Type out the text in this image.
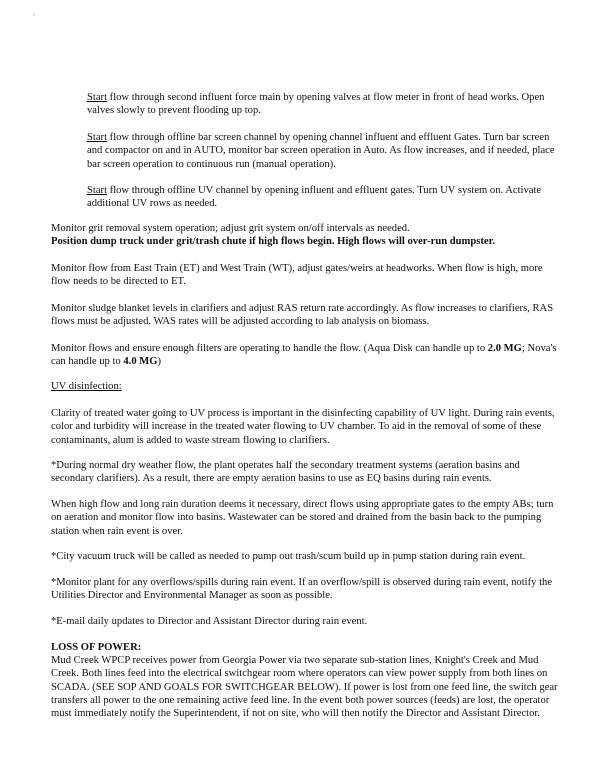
'

Start flow through second influent force main by opening valves at flow meter in front of head works. Open valves slowly to prevent flooding up top.

Start flow through offline bar screen channel by opening channel influent and effluent Gates. Turn bar screen and compactor on and in AUTO, monitor bar screen operation in Auto. As flow increases, and if needed, place bar screen operation to continuous run (manual operation).

Start flow through offline UV channel by opening influent and effluent gates. Turn UV system on. Activate additional UV rows as needed.

Monitor grit removal system operation; adjust grit system on/off intervals as needed.
Position dump truck under grit/trash chute if high flows begin. High flows will over-run dumpster.

Monitor flow from East Train (ET) and West Train (WT), adjust gates/weirs at headworks. When flow is high, more flow needs to be directed to ET.

Monitor sludge blanket levels in clarifiers and adjust RAS return rate accordingly. As flow increases to clarifiers, RAS flows must be adjusted. WAS rates will be adjusted according to lab analysis on biomass.

Monitor flows and ensure enough filters are operating to handle the flow. (Aqua Disk can handle up to 2.0 MG; Nova's can handle up to 4.0 MG)

UV disinfection:

Clarity of treated water going to UV process is important in the disinfecting capability of UV light. During rain events, color and turbidity will increase in the treated water flowing to UV chamber. To aid in the removal of some of these contaminants, alum is added to waste stream flowing to clarifiers.

*During normal dry weather flow, the plant operates half the secondary treatment systems (aeration basins and secondary clarifiers). As a result, there are empty aeration basins to use as EQ basins during rain events.

When high flow and long rain duration deems it necessary, direct flows using appropriate gates to the empty ABs; turn on aeration and monitor flow into basins. Wastewater can be stored and drained from the basin back to the pumping station when rain event is over.

*City vacuum truck will be called as needed to pump out trash/scum build up in pump station during rain event.

*Monitor plant for any overflows/spills during rain event. If an overflow/spill is observed during rain event, notify the Utilities Director and Environmental Manager as soon as possible.

*E-mail daily updates to Director and Assistant Director during rain event.

LOSS OF POWER:

Mud Creek WPCP receives power from Georgia Power via two separate sub-station lines, Knight's Creek and Mud Creek. Both lines feed into the electrical switchgear room where operators can view power supply from both lines on SCADA. (SEE SOP AND GOALS FOR SWITCHGEAR BELOW). If power is lost from one feed line, the switch gear transfers all power to the one remaining active feed line. In the event both power sources (feeds) are lost, the operator must immediately notify the Superintendent, if not on site, who will then notify the Director and Assistant Director.
